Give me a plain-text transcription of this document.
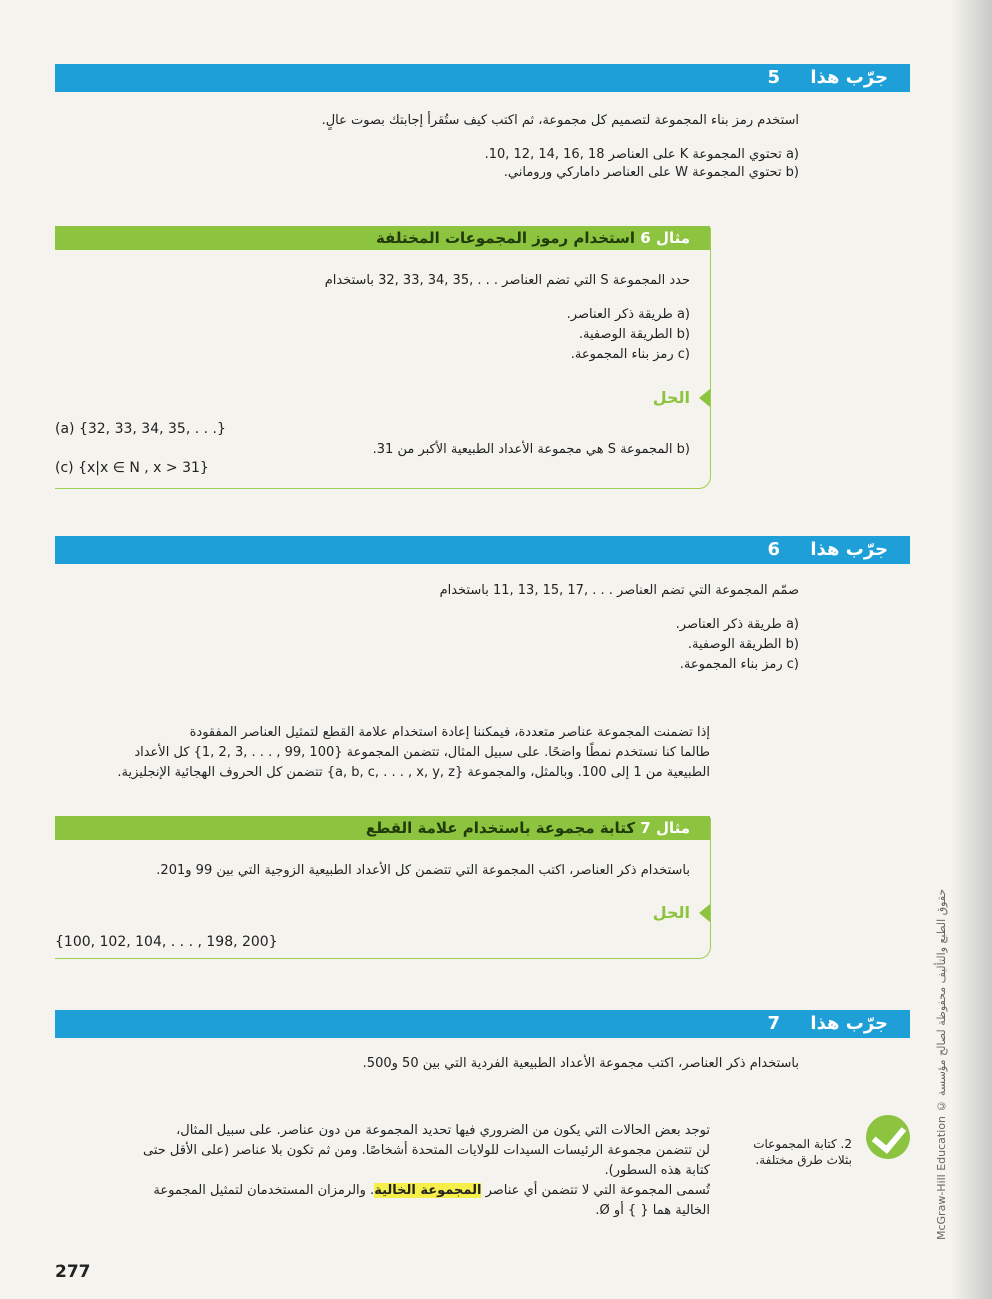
جرّب هذا
5
استخدم رمز بناء المجموعة لتصميم كل مجموعة، ثم اكتب كيف ستُقرأ إجابتك بصوت عالٍ.
(a تحتوي المجموعة K على العناصر 18 ,16 ,14 ,12 ,10.
(b تحتوي المجموعة W على العناصر داماركي وروماني.
مثال 6 استخدام رموز المجموعات المختلفة
حدد المجموعة S التي تضم العناصر . . . ,35 ,34 ,33 ,32 باستخدام
(a طريقة ذكر العناصر.
(b الطريقة الوصفية.
(c رمز بناء المجموعة.
الحل
(a) {32, 33, 34, 35, . . .}
(b المجموعة S هي مجموعة الأعداد الطبيعية الأكبر من 31.
(c) {x|x ∈ N , x > 31}
جرّب هذا
6
صمّم المجموعة التي تضم العناصر . . . ,17 ,15 ,13 ,11 باستخدام
(a طريقة ذكر العناصر.
(b الطريقة الوصفية.
(c رمز بناء المجموعة.
إذا تضمنت المجموعة عناصر متعددة، فيمكننا إعادة استخدام علامة القطع لتمثيل العناصر المفقودة
طالما كنا نستخدم نمطًا واضحًا. على سبيل المثال، تتضمن المجموعة {100 ,99 , . . . ,3 ,2 ,1} كل الأعداد
الطبيعية من 1 إلى 100. وبالمثل، والمجموعة {a, b, c, . . . , x, y, z} تتضمن كل الحروف الهجائية الإنجليزية.
مثال 7 كتابة مجموعة باستخدام علامة القطع
باستخدام ذكر العناصر، اكتب المجموعة التي تتضمن كل الأعداد الطبيعية الزوجية التي بين 99 و201.
الحل
{100, 102, 104, . . . , 198, 200}
جرّب هذا
7
باستخدام ذكر العناصر، اكتب مجموعة الأعداد الطبيعية الفردية التي بين 50 و500.
2. كتابة المجموعات
بثلاث طرق مختلفة.
توجد بعض الحالات التي يكون من الضروري فيها تحديد المجموعة من دون عناصر. على سبيل المثال،
لن تتضمن مجموعة الرئيسات السيدات للولايات المتحدة أشخاصًا. ومن ثم تكون بلا عناصر (على الأقل حتى
كتابة هذه السطور).
تُسمى المجموعة التي لا تتضمن أي عناصر المجموعة الخالية. والرمزان المستخدمان لتمثيل المجموعة
الخالية هما { } أو Ø.	McGraw-Hill Education © حقوق الطبع والتأليف محفوظة لصالح مؤسسة
277
